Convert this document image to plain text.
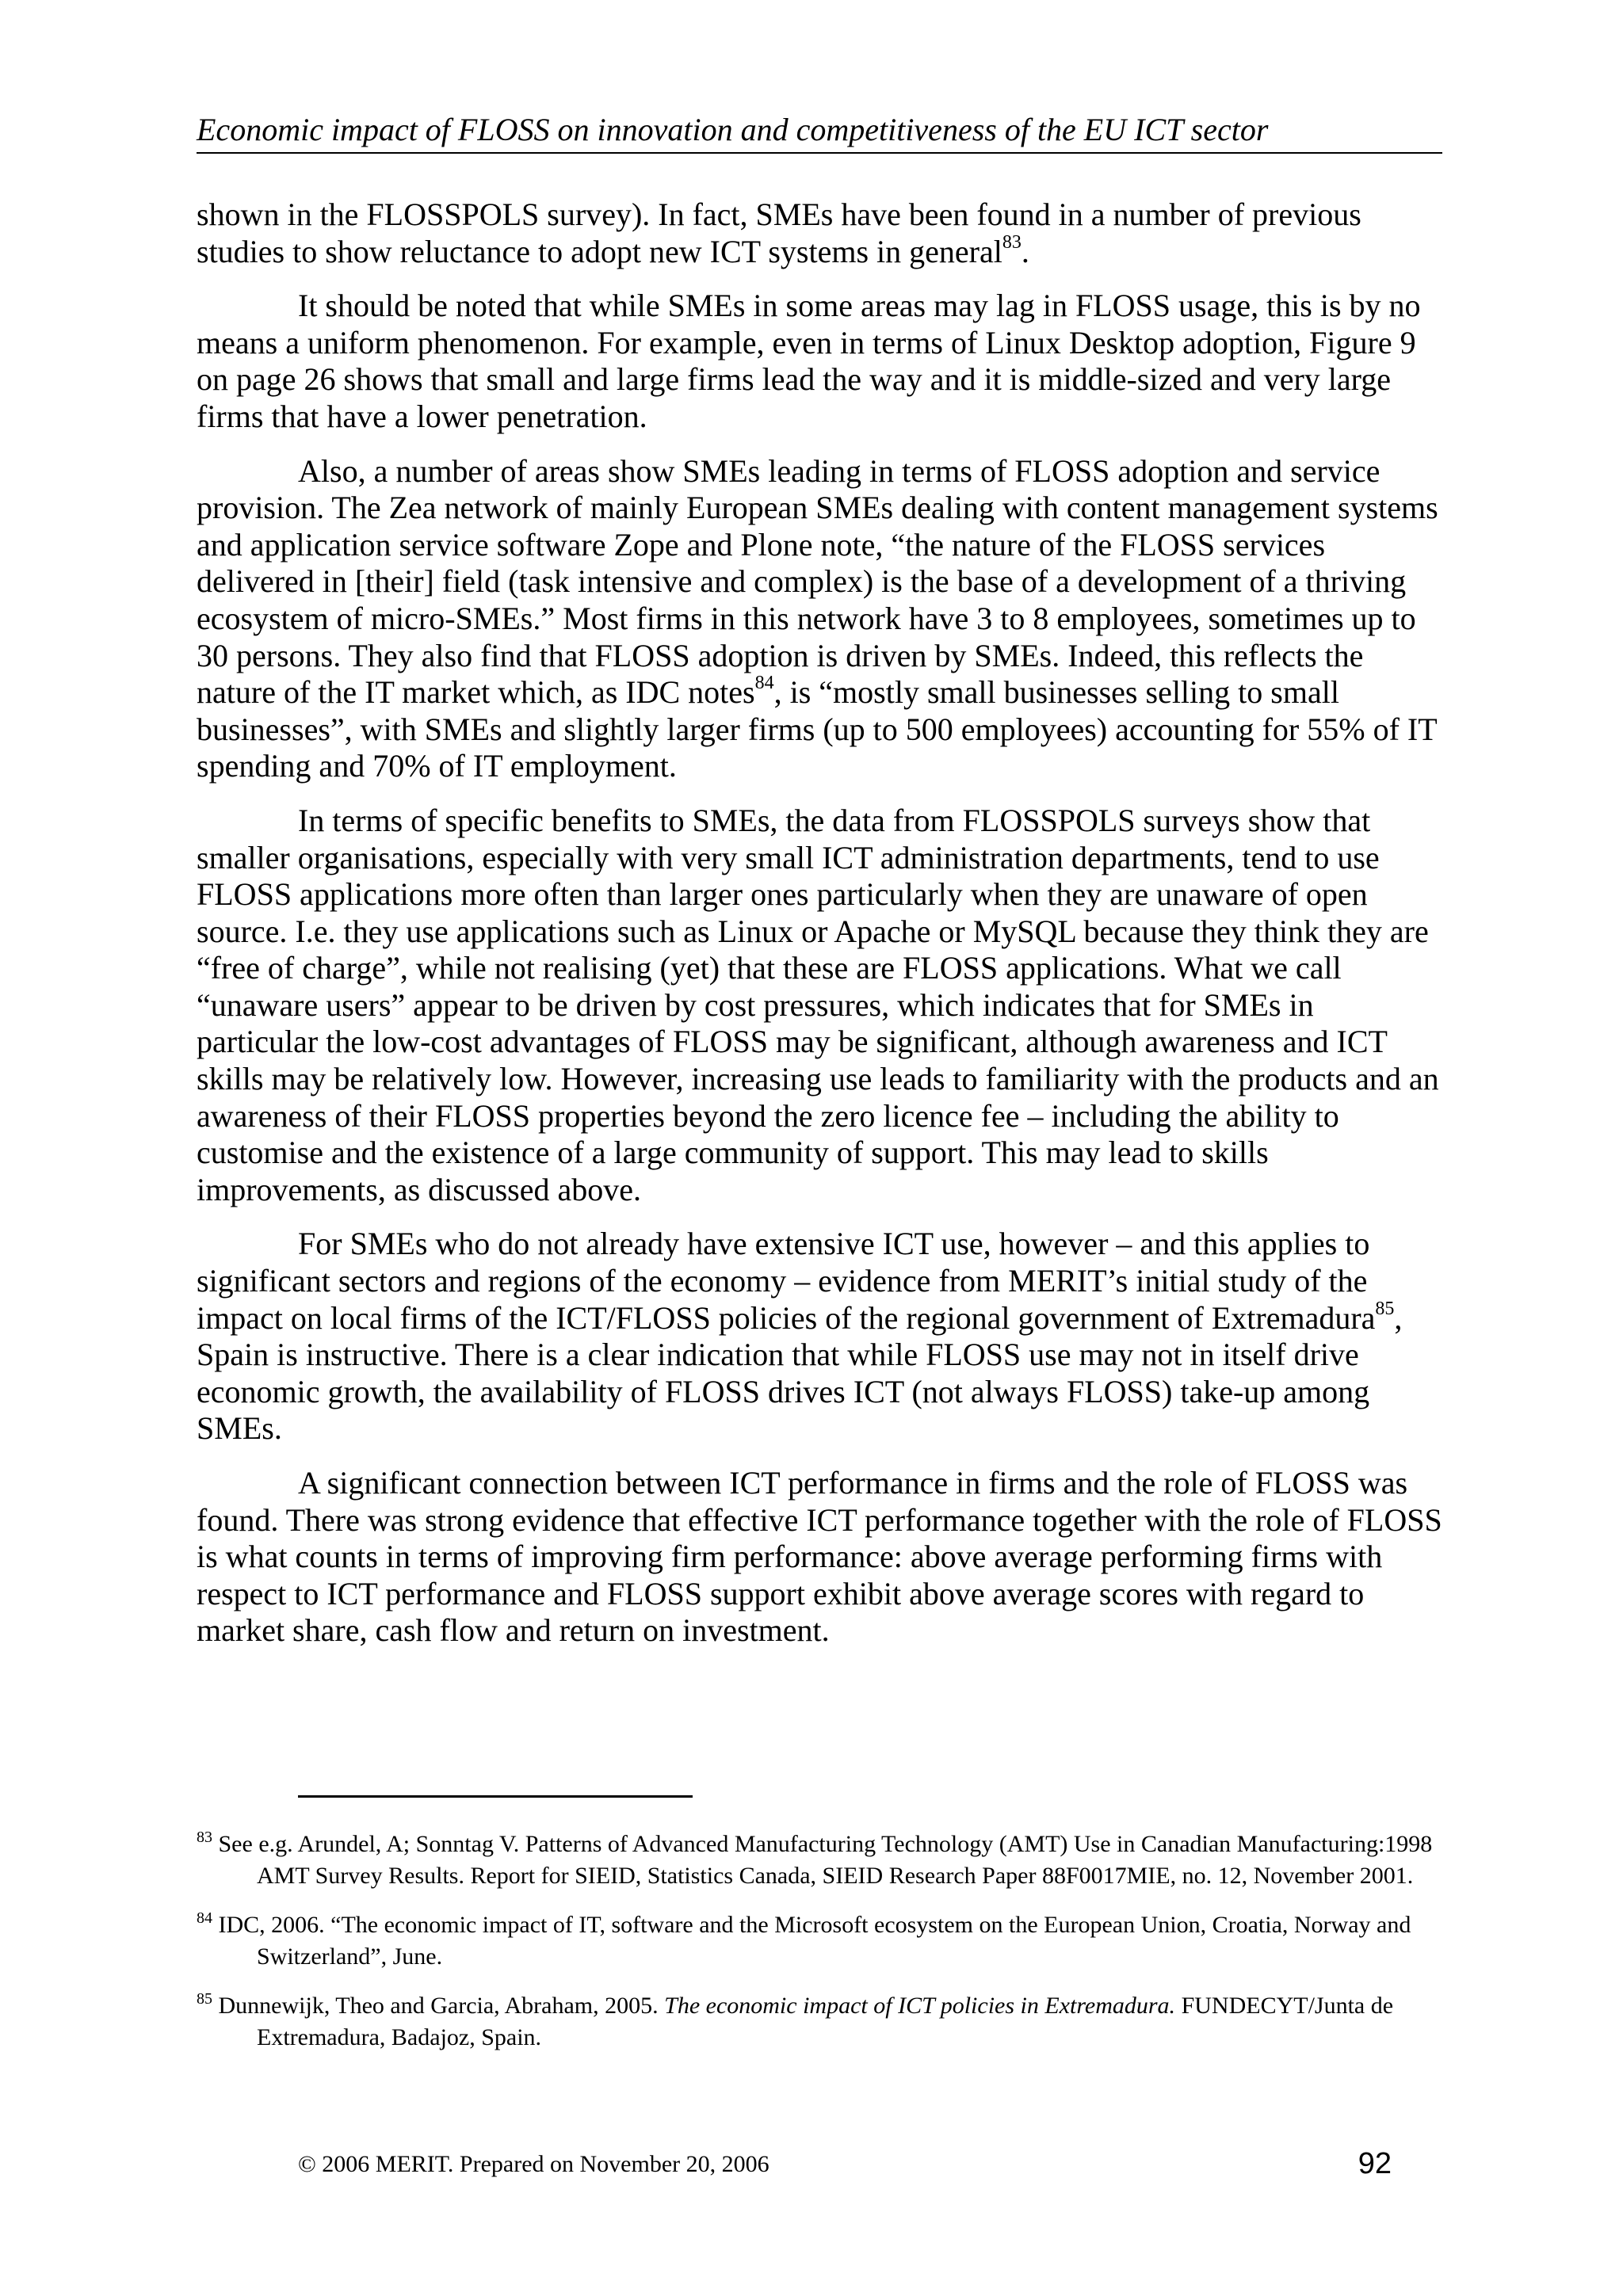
Economic impact of FLOSS on innovation and competitiveness of the EU ICT sector

shown in the FLOSSPOLS survey). In fact, SMEs have been found in a number of previous studies to show reluctance to adopt new ICT systems in general$^{83}$.

It should be noted that while SMEs in some areas may lag in FLOSS usage, this is by no means a uniform phenomenon. For example, even in terms of Linux Desktop adoption, Figure 9 on page 26 shows that small and large firms lead the way and it is middle-sized and very large firms that have a lower penetration.

Also, a number of areas show SMEs leading in terms of FLOSS adoption and service provision. The Zea network of mainly European SMEs dealing with content management systems and application service software Zope and Plone note, “the nature of the FLOSS services delivered in [their] field (task intensive and complex) is the base of a development of a thriving ecosystem of micro-SMEs.” Most firms in this network have 3 to 8 employees, sometimes up to 30 persons. They also find that FLOSS adoption is driven by SMEs. Indeed, this reflects the nature of the IT market which, as IDC notes$^{84}$, is “mostly small businesses selling to small businesses”, with SMEs and slightly larger firms (up to 500 employees) accounting for 55% of IT spending and 70% of IT employment.

In terms of specific benefits to SMEs, the data from FLOSSPOLS surveys show that smaller organisations, especially with very small ICT administration departments, tend to use FLOSS applications more often than larger ones particularly when they are unaware of open source. I.e. they use applications such as Linux or Apache or MySQL because they think they are “free of charge”, while not realising (yet) that these are FLOSS applications. What we call “unaware users” appear to be driven by cost pressures, which indicates that for SMEs in particular the low-cost advantages of FLOSS may be significant, although awareness and ICT skills may be relatively low. However, increasing use leads to familiarity with the products and an awareness of their FLOSS properties beyond the zero licence fee – including the ability to customise and the existence of a large community of support. This may lead to skills improvements, as discussed above.

For SMEs who do not already have extensive ICT use, however – and this applies to significant sectors and regions of the economy – evidence from MERIT’s initial study of the impact on local firms of the ICT/FLOSS policies of the regional government of Extremadura$^{85}$, Spain is instructive. There is a clear indication that while FLOSS use may not in itself drive economic growth, the availability of FLOSS drives ICT (not always FLOSS) take-up among SMEs.

A significant connection between ICT performance in firms and the role of FLOSS was found. There was strong evidence that effective ICT performance together with the role of FLOSS is what counts in terms of improving firm performance: above average performing firms with respect to ICT performance and FLOSS support exhibit above average scores with regard to market share, cash flow and return on investment.

$^{83}$ See e.g. Arundel, A; Sonntag V. Patterns of Advanced Manufacturing Technology (AMT) Use in Canadian Manufacturing:1998 AMT Survey Results. Report for SIEID, Statistics Canada, SIEID Research Paper 88F0017MIE, no. 12, November 2001.

$^{84}$ IDC, 2006. “The economic impact of IT, software and the Microsoft ecosystem on the European Union, Croatia, Norway and Switzerland”, June.

$^{85}$ Dunnewijk, Theo and Garcia, Abraham, 2005. The economic impact of ICT policies in Extremadura. FUNDECYT/Junta de Extremadura, Badajoz, Spain.

© 2006 MERIT. Prepared on November 20, 2006	92
